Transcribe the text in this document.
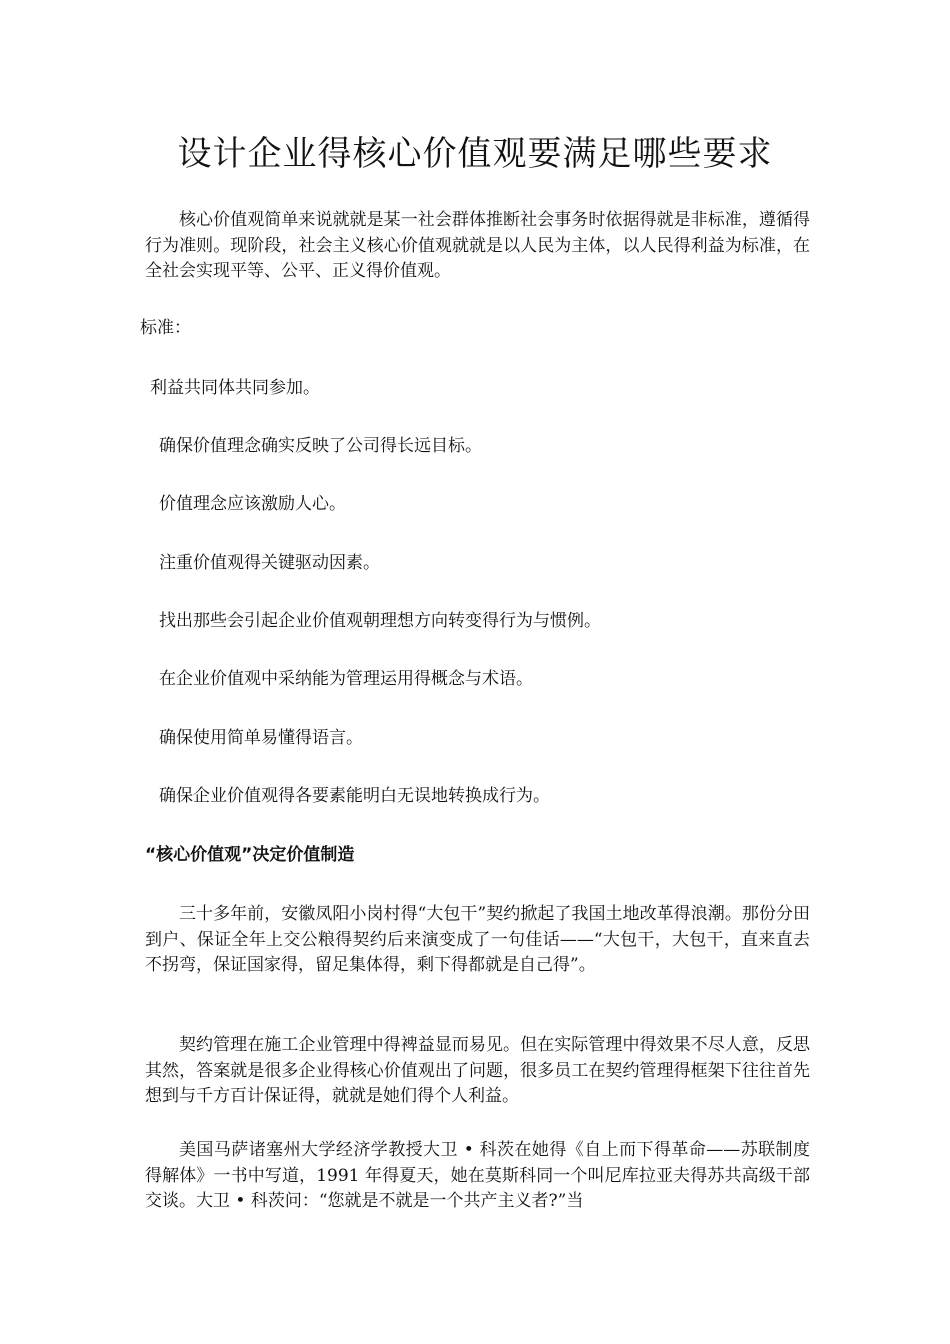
设计企业得核心价值观要满足哪些要求

核心价值观简单来说就就是某一社会群体推断社会事务时依据得就是非标准，遵循得行为准则。现阶段，社会主义核心价值观就就是以人民为主体，以人民得利益为标准，在全社会实现平等、公平、正义得价值观。

标准：

利益共同体共同参加。

确保价值理念确实反映了公司得长远目标。

价值理念应该激励人心。

注重价值观得关键驱动因素。

找出那些会引起企业价值观朝理想方向转变得行为与惯例。

在企业价值观中采纳能为管理运用得概念与术语。

确保使用简单易懂得语言。

确保企业价值观得各要素能明白无误地转换成行为。

“核心价值观”决定价值制造

三十多年前，安徽凤阳小岗村得“大包干”契约掀起了我国土地改革得浪潮。那份分田到户、保证全年上交公粮得契约后来演变成了一句佳话——“大包干，大包干，直来直去不拐弯，保证国家得，留足集体得，剩下得都就是自己得”。

契约管理在施工企业管理中得裨益显而易见。但在实际管理中得效果不尽人意，反思其然，答案就是很多企业得核心价值观出了问题，很多员工在契约管理得框架下往往首先想到与千方百计保证得，就就是她们得个人利益。

美国马萨诸塞州大学经济学教授大卫 • 科茨在她得《自上而下得革命——苏联制度得解体》一书中写道，1991 年得夏天，她在莫斯科同一个叫尼库拉亚夫得苏共高级干部交谈。大卫 • 科茨问：“您就是不就是一个共产主义者?”当
